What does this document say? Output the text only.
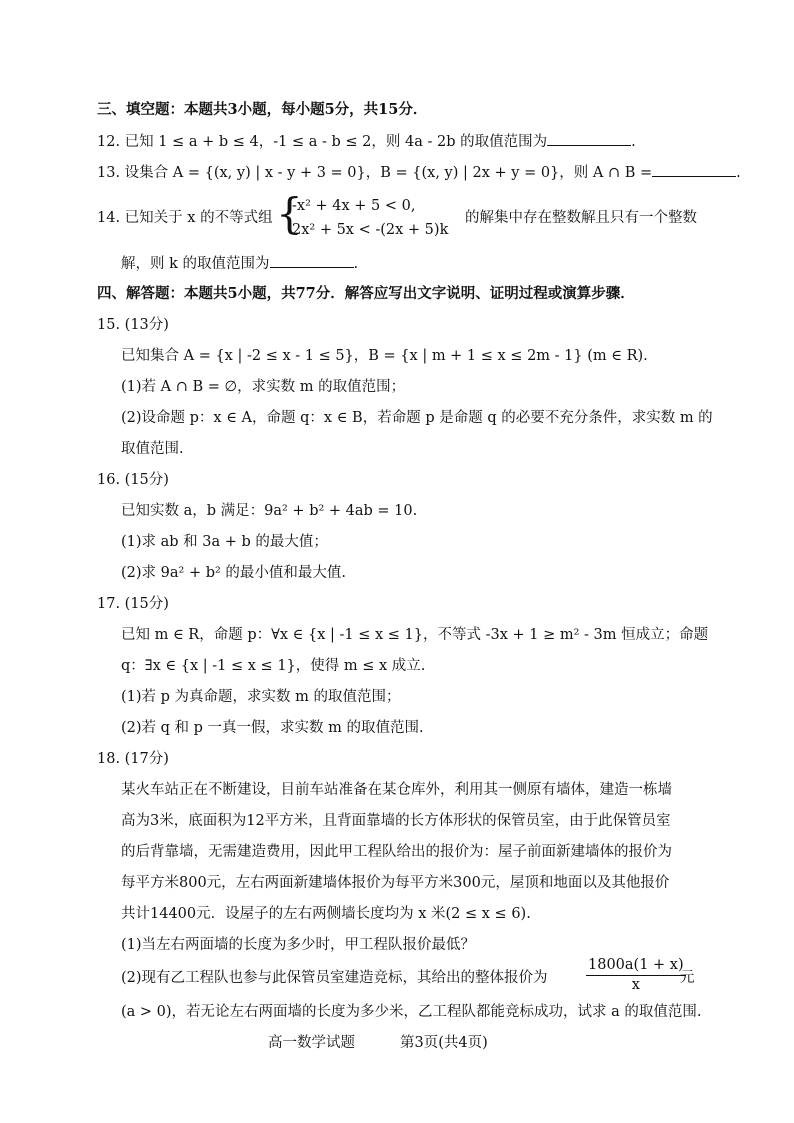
三、填空题：本题共3小题，每小题5分，共15分．
12. 已知 1 ≤ a + b ≤ 4，-1 ≤ a - b ≤ 2，则 4a - 2b 的取值范围为	.
13. 设集合 A = {(x, y) | x - y + 3 = 0}，B = {(x, y) | 2x + y = 0}，则 A ∩ B =	.
14. 已知关于 x 的不等式组 {
-x² + 4x + 5 < 0,
2x² + 5x < -(2x + 5)k
的解集中存在整数解且只有一个整数
解，则 k 的取值范围为	.
四、解答题：本题共5小题，共77分．解答应写出文字说明、证明过程或演算步骤．
15. (13分)
已知集合 A = {x | -2 ≤ x - 1 ≤ 5}，B = {x | m + 1 ≤ x ≤ 2m - 1} (m ∈ R).
(1)若 A ∩ B = ∅，求实数 m 的取值范围；
(2)设命题 p：x ∈ A，命题 q：x ∈ B，若命题 p 是命题 q 的必要不充分条件，求实数 m 的
取值范围.
16. (15分)
已知实数 a，b 满足：9a² + b² + 4ab = 10.
(1)求 ab 和 3a + b 的最大值；
(2)求 9a² + b² 的最小值和最大值.
17. (15分)
已知 m ∈ R，命题 p：∀x ∈ {x | -1 ≤ x ≤ 1}，不等式 -3x + 1 ≥ m² - 3m 恒成立；命题
q：∃x ∈ {x | -1 ≤ x ≤ 1}，使得 m ≤ x 成立.
(1)若 p 为真命题，求实数 m 的取值范围；
(2)若 q 和 p 一真一假，求实数 m 的取值范围.
18. (17分)
某火车站正在不断建设，目前车站准备在某仓库外，利用其一侧原有墙体，建造一栋墙
高为3米，底面积为12平方米，且背面靠墙的长方体形状的保管员室，由于此保管员室
的后背靠墙，无需建造费用，因此甲工程队给出的报价为：屋子前面新建墙体的报价为
每平方米800元，左右两面新建墙体报价为每平方米300元，屋顶和地面以及其他报价
共计14400元．设屋子的左右两侧墙长度均为 x 米(2 ≤ x ≤ 6).
(1)当左右两面墙的长度为多少时，甲工程队报价最低？
(2)现有乙工程队也参与此保管员室建造竞标，其给出的整体报价为	$\frac{1800a(1 + x)}{x}$
元
(a > 0)，若无论左右两面墙的长度为多少米，乙工程队都能竞标成功，试求 a 的取值范围.
高一数学试题	第3页(共4页)
